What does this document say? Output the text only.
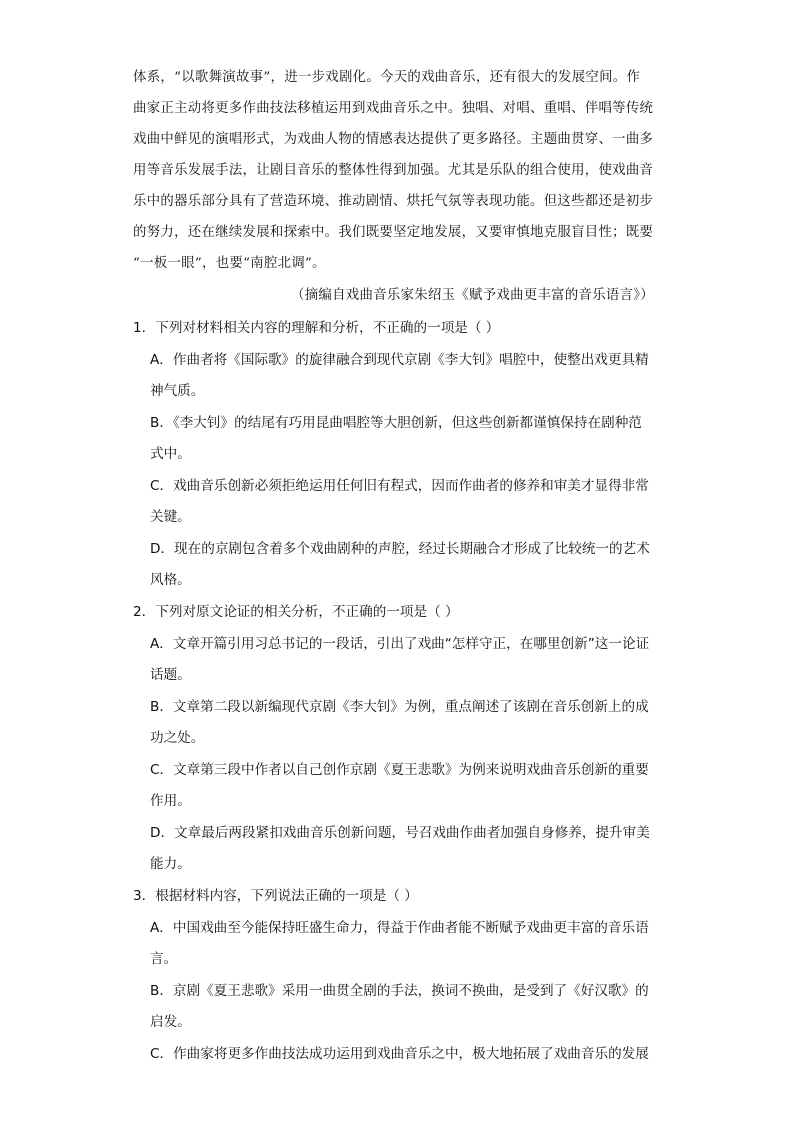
体系，“以歌舞演故事”，进一步戏剧化。今天的戏曲音乐，还有很大的发展空间。作
曲家正主动将更多作曲技法移植运用到戏曲音乐之中。独唱、对唱、重唱、伴唱等传统
戏曲中鲜见的演唱形式，为戏曲人物的情感表达提供了更多路径。主题曲贯穿、一曲多
用等音乐发展手法，让剧目音乐的整体性得到加强。尤其是乐队的组合使用，使戏曲音
乐中的器乐部分具有了营造环境、推动剧情、烘托气氛等表现功能。但这些都还是初步
的努力，还在继续发展和探索中。我们既要坚定地发展，又要审慎地克服盲目性；既要
“一板一眼”，也要“南腔北调”。
（摘编自戏曲音乐家朱绍玉《赋予戏曲更丰富的音乐语言》）
1．下列对材料相关内容的理解和分析，不正确的一项是（ ）
A．作曲者将《国际歌》的旋律融合到现代京剧《李大钊》唱腔中，使整出戏更具精
神气质。
B．《李大钊》的结尾有巧用昆曲唱腔等大胆创新，但这些创新都谨慎保持在剧种范
式中。
C．戏曲音乐创新必须拒绝运用任何旧有程式，因而作曲者的修养和审美才显得非常
关键。
D．现在的京剧包含着多个戏曲剧种的声腔，经过长期融合才形成了比较统一的艺术
风格。
2．下列对原文论证的相关分析，不正确的一项是（ ）
A．文章开篇引用习总书记的一段话，引出了戏曲“怎样守正，在哪里创新”这一论证
话题。
B．文章第二段以新编现代京剧《李大钊》为例，重点阐述了该剧在音乐创新上的成
功之处。
C．文章第三段中作者以自己创作京剧《夏王悲歌》为例来说明戏曲音乐创新的重要
作用。
D．文章最后两段紧扣戏曲音乐创新问题，号召戏曲作曲者加强自身修养，提升审美
能力。
3．根据材料内容，下列说法正确的一项是（ ）
A．中国戏曲至今能保持旺盛生命力，得益于作曲者能不断赋予戏曲更丰富的音乐语
言。
B．京剧《夏王悲歌》采用一曲贯全剧的手法，换词不换曲，是受到了《好汉歌》的
启发。
C．作曲家将更多作曲技法成功运用到戏曲音乐之中，极大地拓展了戏曲音乐的发展
